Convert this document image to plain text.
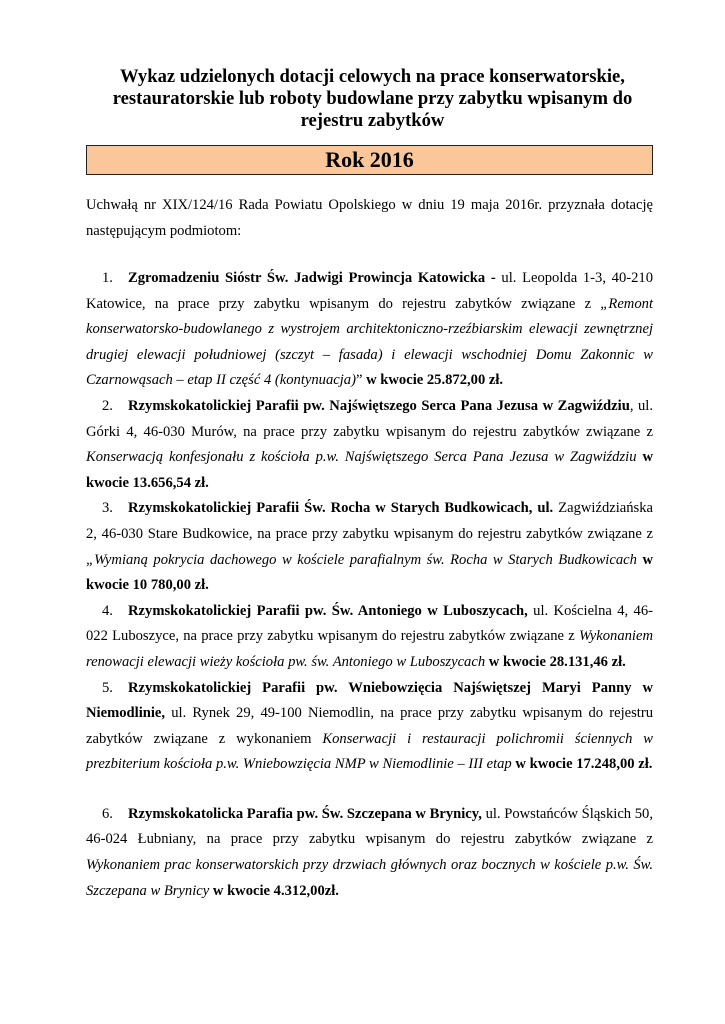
Wykaz udzielonych dotacji celowych na prace konserwatorskie,
restauratorskie lub roboty budowlane przy zabytku wpisanym do
rejestru zabytków
Rok 2016
Uchwałą nr XIX/124/16 Rada Powiatu Opolskiego w dniu 19 maja 2016r. przyznała dotację następującym podmiotom:
1. Zgromadzeniu Sióstr Św. Jadwigi Prowincja Katowicka - ul. Leopolda 1-3, 40-210 Katowice, na prace przy zabytku wpisanym do rejestru zabytków związane z „Remont konserwatorsko-budowlanego z wystrojem architektoniczno-rzeźbiarskim elewacji zewnętrznej drugiej elewacji południowej (szczyt – fasada) i elewacji wschodniej Domu Zakonnic w Czarnowąsach – etap II część 4 (kontynuacja)” w kwocie 25.872,00 zł.
2. Rzymskokatolickiej Parafii pw. Najświętszego Serca Pana Jezusa w Zagwiździu, ul. Górki 4, 46-030 Murów, na prace przy zabytku wpisanym do rejestru zabytków związane z Konserwacją konfesjonału z kościoła p.w. Najświętszego Serca Pana Jezusa w Zagwiździu w kwocie 13.656,54 zł.
3. Rzymskokatolickiej Parafii Św. Rocha w Starych Budkowicach, ul. Zagwiździańska 2, 46-030 Stare Budkowice, na prace przy zabytku wpisanym do rejestru zabytków związane z „Wymianą pokrycia dachowego w kościele parafialnym św. Rocha w Starych Budkowicach w kwocie 10 780,00 zł.
4. Rzymskokatolickiej Parafii pw. Św. Antoniego w Luboszycach, ul. Kościelna 4, 46-022 Luboszyce, na prace przy zabytku wpisanym do rejestru zabytków związane z Wykonaniem renowacji elewacji wieży kościoła pw. św. Antoniego w Luboszycach w kwocie 28.131,46 zł.
5. Rzymskokatolickiej Parafii pw. Wniebowzięcia Najświętszej Maryi Panny w Niemodlinie, ul. Rynek 29, 49-100 Niemodlin, na prace przy zabytku wpisanym do rejestru zabytków związane z wykonaniem Konserwacji i restauracji polichromii ściennych w prezbiterium kościoła p.w. Wniebowzięcia NMP w Niemodlinie – III etap w kwocie 17.248,00 zł.
6. Rzymskokatolicka Parafia pw. Św. Szczepana w Brynicy, ul. Powstańców Śląskich 50, 46-024 Łubniany, na prace przy zabytku wpisanym do rejestru zabytków związane z Wykonaniem prac konserwatorskich przy drzwiach głównych oraz bocznych w kościele p.w. Św. Szczepana w Brynicy w kwocie 4.312,00zł.
